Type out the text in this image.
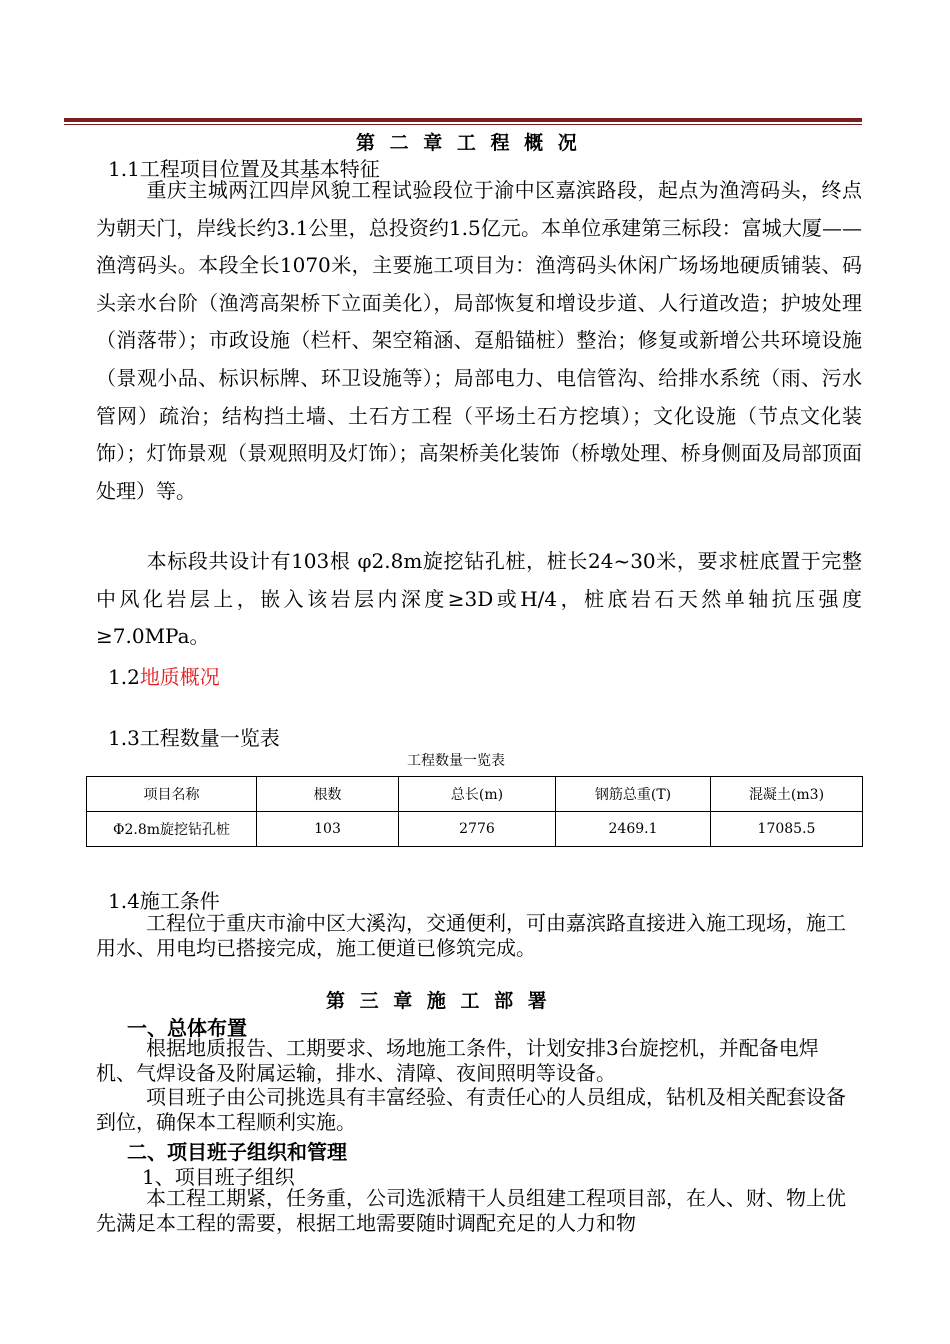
第 二 章 工 程 概 况
1.1工程项目位置及其基本特征
重庆主城两江四岸风貌工程试验段位于渝中区嘉滨路段，起点为渔湾码头，终点为朝天门，岸线长约3.1公里，总投资约1.5亿元。本单位承建第三标段：富城大厦——渔湾码头。本段全长1070米，主要施工项目为：渔湾码头休闲广场场地硬质铺装、码头亲水台阶（渔湾高架桥下立面美化），局部恢复和增设步道、人行道改造；护坡处理（消落带）；市政设施（栏杆、架空箱涵、趸船锚桩）整治；修复或新增公共环境设施（景观小品、标识标牌、环卫设施等）；局部电力、电信管沟、给排水系统（雨、污水管网）疏治；结构挡土墙、土石方工程（平场土石方挖填）；文化设施（节点文化装饰）；灯饰景观（景观照明及灯饰）；高架桥美化装饰（桥墩处理、桥身侧面及局部顶面处理）等。
本标段共设计有103根 φ2.8m旋挖钻孔桩，桩长24~30米，要求桩底置于完整中风化岩层上，嵌入该岩层内深度≥3D或H/4，桩底岩石天然单轴抗压强度≥7.0MPa。
1.2地质概况
1.3工程数量一览表
工程数量一览表
项目名称	根数	总长(m)	钢筋总重(T)	混凝土(m3)
Φ2.8m旋挖钻孔桩	103	2776	2469.1	17085.5
1.4施工条件
工程位于重庆市渝中区大溪沟，交通便利，可由嘉滨路直接进入施工现场，施工用水、用电均已搭接完成，施工便道已修筑完成。
第 三 章 施 工 部 署
一、总体布置
根据地质报告、工期要求、场地施工条件，计划安排3台旋挖机，并配备电焊机、气焊设备及附属运输，排水、清障、夜间照明等设备。
项目班子由公司挑选具有丰富经验、有责任心的人员组成，钻机及相关配套设备到位，确保本工程顺利实施。
二、项目班子组织和管理
1、项目班子组织
本工程工期紧，任务重，公司选派精干人员组建工程项目部，在人、财、物上优先满足本工程的需要，根据工地需要随时调配充足的人力和物
